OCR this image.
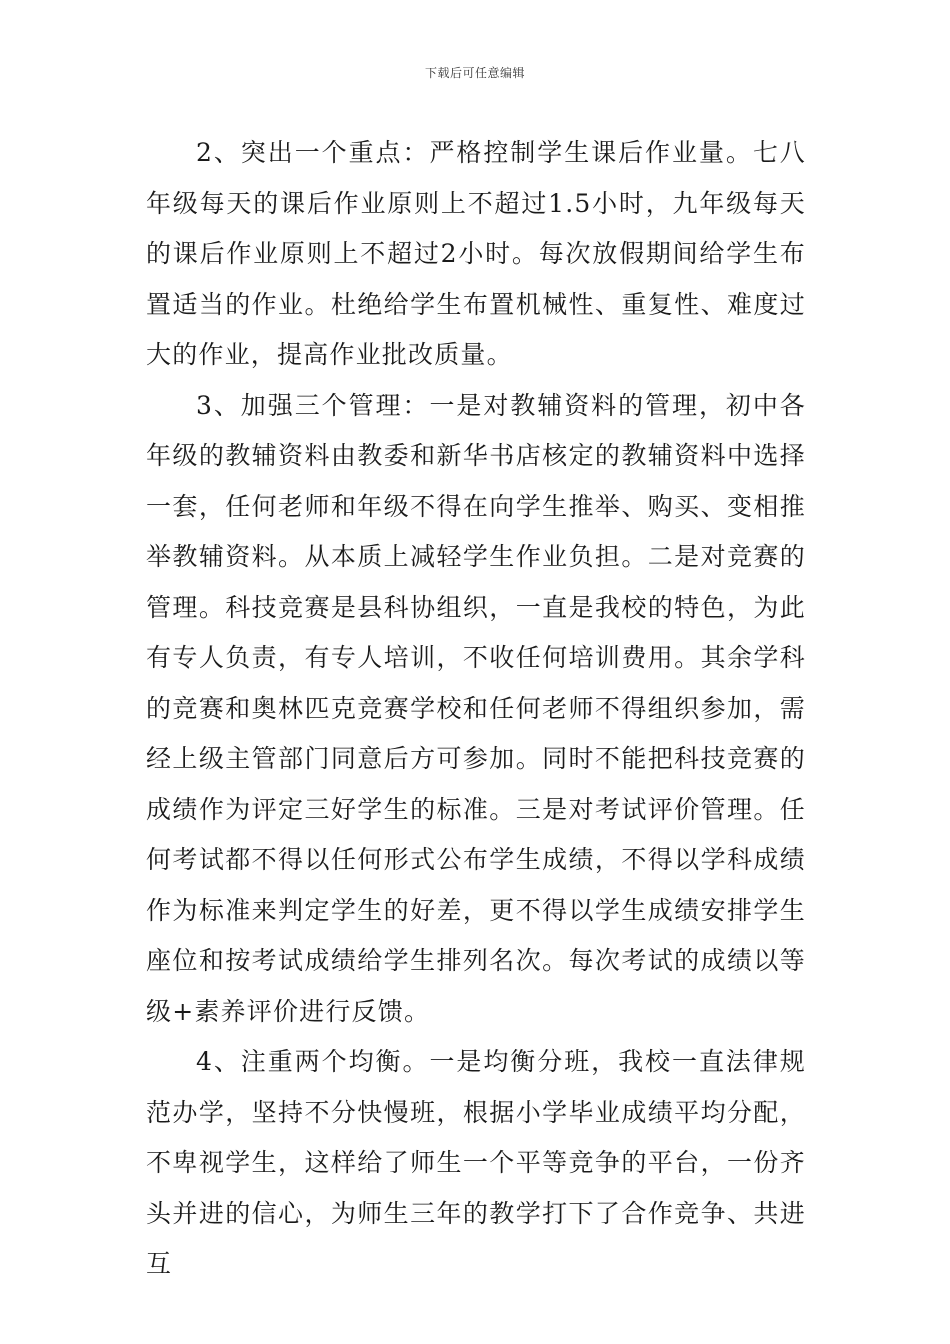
下载后可任意编辑

2、突出一个重点：严格控制学生课后作业量。七八年级每天的课后作业原则上不超过1.5小时，九年级每天的课后作业原则上不超过2小时。每次放假期间给学生布置适当的作业。杜绝给学生布置机械性、重复性、难度过大的作业，提高作业批改质量。

3、加强三个管理：一是对教辅资料的管理，初中各年级的教辅资料由教委和新华书店核定的教辅资料中选择一套，任何老师和年级不得在向学生推举、购买、变相推举教辅资料。从本质上减轻学生作业负担。二是对竞赛的管理。科技竞赛是县科协组织，一直是我校的特色，为此有专人负责，有专人培训，不收任何培训费用。其余学科的竞赛和奥林匹克竞赛学校和任何老师不得组织参加，需经上级主管部门同意后方可参加。同时不能把科技竞赛的成绩作为评定三好学生的标准。三是对考试评价管理。任何考试都不得以任何形式公布学生成绩，不得以学科成绩作为标准来判定学生的好差，更不得以学生成绩安排学生座位和按考试成绩给学生排列名次。每次考试的成绩以等级+素养评价进行反馈。

4、注重两个均衡。一是均衡分班，我校一直法律规范办学，坚持不分快慢班，根据小学毕业成绩平均分配，不卑视学生，这样给了师生一个平等竞争的平台，一份齐头并进的信心，为师生三年的教学打下了合作竞争、共进互
